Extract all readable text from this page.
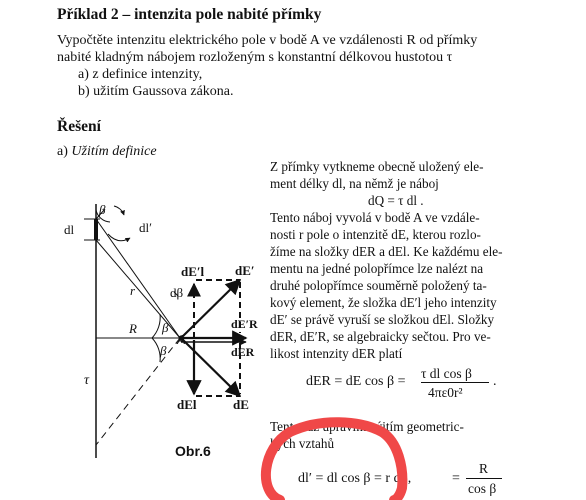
Příklad 2 – intenzita pole nabité přímky
Vypočtěte intenzitu elektrického pole v bodě A ve vzdálenosti R od přímky
nabité kladným nábojem rozloženým s konstantní délkovou hustotou τ
a) z definice intenzity,
b) užitím Gaussova zákona.
Řešení
a) Užitím definice
Z přímky vytkneme obecně uložený ele-
ment délky dl, na němž je náboj
dQ = τ dl .
Tento náboj vyvolá v bodě A ve vzdále-
nosti r pole o intenzitě dE, kterou rozlo-
žíme na složky dER a dEl. Ke každému ele-
mentu na jedné polopřímce lze nalézt na
druhé polopřímce souměrně položený ta-
kový element, že složka dE′l jeho intenzity
dE′ se právě vyruší se složkou dEl. Složky
dER, dE′R, se algebraicky sečtou. Pro ve-
likost intenzity dER platí
dER = dE cos β =
τ dl cos β
4πε0r²
.
Tento raz upravíme ýitím geometric-
kých vztahů
dl′ = dl cos β = r dβ,	=
R
cos β
dl
β
dl′
r	dβ
R β
β
A
τ
dE′l dE′
dE′R
dER
dEl	dE
Obr.6
